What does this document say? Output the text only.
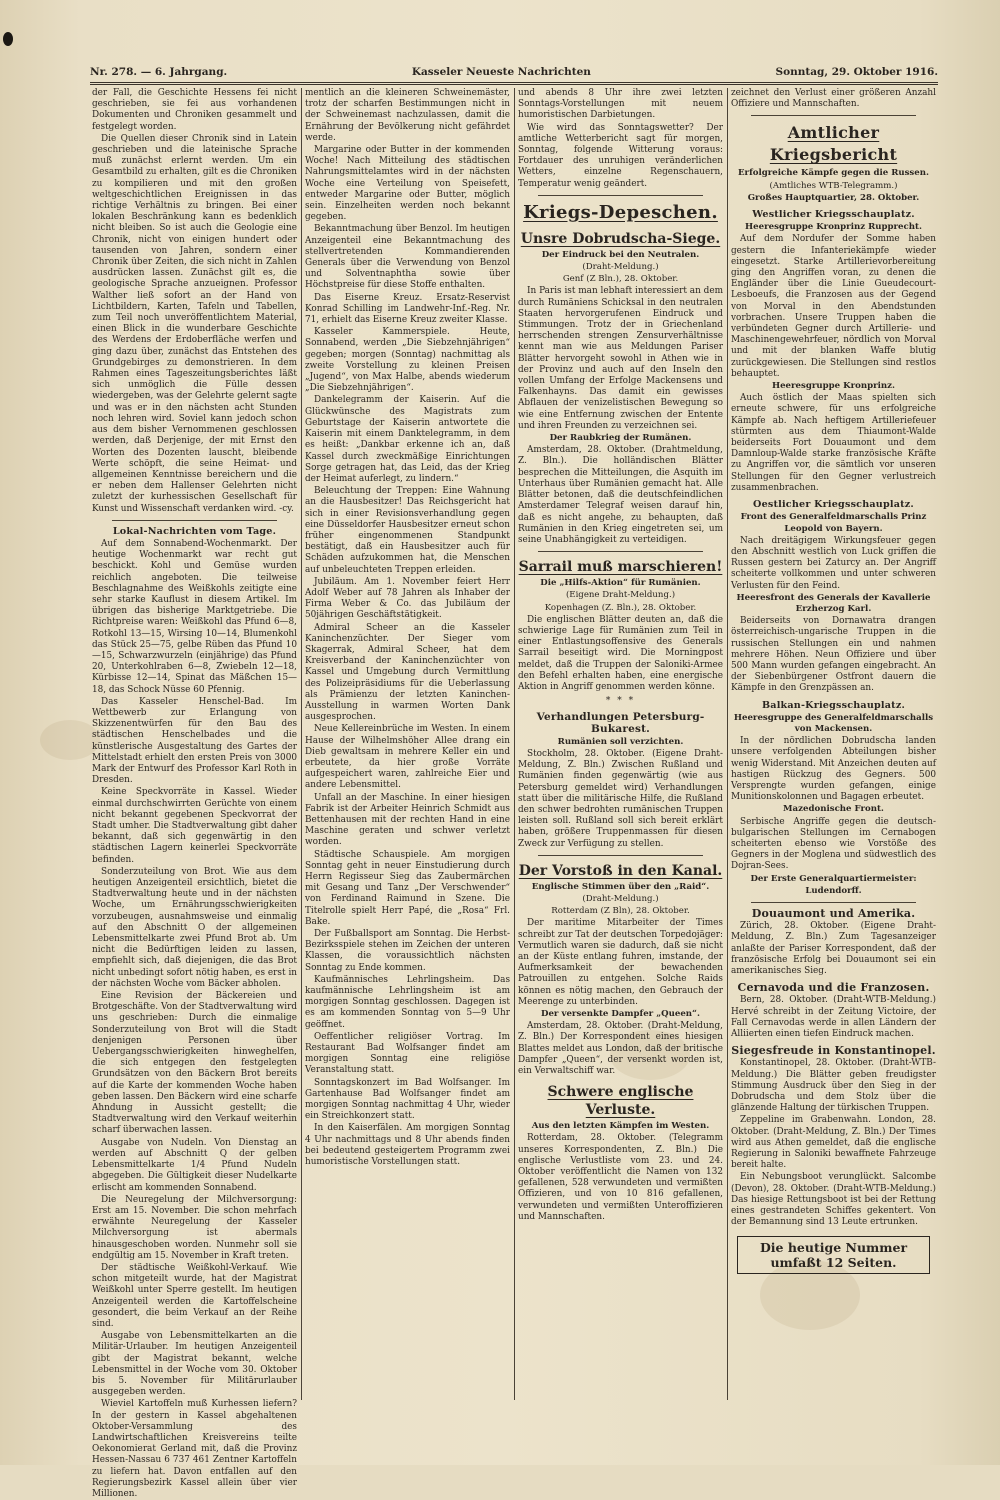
Nr. 278. — 6. Jahrgang.	Kasseler Neueste Nachrichten	Sonntag, 29. Oktober 1916.

der Fall, die Geschichte Hessens fei nicht geschrieben, sie fei aus vorhandenen Dokumenten und Chroniken gesammelt und festgelegt worden.

Die Quellen dieser Chronik sind in Latein geschrieben und die lateinische Sprache muß zunächst erlernt werden. Um ein Gesamtbild zu erhalten, gilt es die Chroniken zu kompilieren und mit den großen weltgeschichtlichen Ereignissen in das richtige Verhältnis zu bringen. Bei einer lokalen Beschränkung kann es bedenklich nicht bleiben. So ist auch die Geologie eine Chronik, nicht von einigen hundert oder tausenden von Jahren, sondern einer Chronik über Zeiten, die sich nicht in Zahlen ausdrücken lassen. Zunächst gilt es, die geologische Sprache anzueignen. Professor Walther ließ sofort an der Hand von Lichtbildern, Karten, Tafeln und Tabellen, zum Teil noch unveröffentlichtem Material, einen Blick in die wunderbare Geschichte des Werdens der Erdoberfläche werfen und ging dazu über, zunächst das Entstehen des Grundgebirges zu demonstrieren. In dem Rahmen eines Tageszeitungsberichtes läßt sich unmöglich die Fülle dessen wiedergeben, was der Gelehrte gelernt sagte und was er in den nächsten acht Stunden noch lehren wird. Soviel kann jedoch schon aus dem bisher Vernommenen geschlossen werden, daß Derjenige, der mit Ernst den Worten des Dozenten lauscht, bleibende Werte schöpft, die seine Heimat- und allgemeinen Kenntnisse bereichern und die er neben dem Hallenser Gelehrten nicht zuletzt der kurhessischen Gesellschaft für Kunst und Wissenschaft verdanken wird. -cy.

Lokal-Nachrichten vom Tage.

Auf dem Sonnabend-Wochenmarkt. Der heutige Wochenmarkt war recht gut beschickt. Kohl und Gemüse wurden reichlich angeboten. Die teilweise Beschlagnahme des Weißkohls zeitigte eine sehr starke Kauflust in diesem Artikel. Im übrigen das bisherige Marktgetriebe. Die Richtpreise waren: Weißkohl das Pfund 6—8, Rotkohl 13—15, Wirsing 10—14, Blumenkohl das Stück 25—75, gelbe Rüben das Pfund 10—15, Schwarzwurzeln (einjährige) das Pfund 20, Unterkohlraben 6—8, Zwiebeln 12—18, Kürbisse 12—14, Spinat das Mäßchen 15—18, das Schock Nüsse 60 Pfennig.

Das Kasseler Henschel-Bad. Im Wettbewerb zur Erlangung von Skizzenentwürfen für den Bau des städtischen Henschelbades und die künstlerische Ausgestaltung des Gartes der Mittelstadt erhielt den ersten Preis von 3000 Mark der Entwurf des Professor Karl Roth in Dresden.

Keine Speckvorräte in Kassel. Wieder einmal durchschwirrten Gerüchte von einem nicht bekannt gegebenen Speckvorrat der Stadt umher. Die Stadtverwaltung gibt daher bekannt, daß sich gegenwärtig in den städtischen Lagern keinerlei Speckvorräte befinden.

Sonderzuteilung von Brot. Wie aus dem heutigen Anzeigenteil ersichtlich, bietet die Stadtverwaltung heute und in der nächsten Woche, um Ernährungsschwierigkeiten vorzubeugen, ausnahmsweise und einmalig auf den Abschnitt O der allgemeinen Lebensmittelkarte zwei Pfund Brot ab. Um nicht die Bedürftigen leiden zu lassen, empfiehlt sich, daß diejenigen, die das Brot nicht unbedingt sofort nötig haben, es erst in der nächsten Woche vom Bäcker abholen.

Eine Revision der Bäckereien und Brotgeschäfte. Von der Stadtverwaltung wird uns geschrieben: Durch die einmalige Sonderzuteilung von Brot will die Stadt denjenigen Personen über Uebergangsschwierigkeiten hinweghelfen, die sich entgegen den festgelegten Grundsätzen von den Bäckern Brot bereits auf die Karte der kommenden Woche haben geben lassen. Den Bäckern wird eine scharfe Ahndung in Aussicht gestellt; die Stadtverwaltung wird den Verkauf weiterhin scharf überwachen lassen.

Ausgabe von Nudeln. Von Dienstag an werden auf Abschnitt Q der gelben Lebensmittelkarte 1/4 Pfund Nudeln abgegeben. Die Gültigkeit dieser Nudelkarte erlischt am kommenden Sonnabend.

Die Neuregelung der Milchversorgung: Erst am 15. November. Die schon mehrfach erwähnte Neuregelung der Kasseler Milchversorgung ist abermals hinausgeschoben worden. Nunmehr soll sie endgültig am 15. November in Kraft treten.

Der städtische Weißkohl-Verkauf. Wie schon mitgeteilt wurde, hat der Magistrat Weißkohl unter Sperre gestellt. Im heutigen Anzeigenteil werden die Kartoffelscheine gesondert, die beim Verkauf an der Reihe sind.

Ausgabe von Lebensmittelkarten an die Militär-Urlauber. Im heutigen Anzeigenteil gibt der Magistrat bekannt, welche Lebensmittel in der Woche vom 30. Oktober bis 5. November für Militärurlauber ausgegeben werden.

Wieviel Kartoffeln muß Kurhessen liefern? In der gestern in Kassel abgehaltenen Oktober-Versammlung des Landwirtschaftlichen Kreisvereins teilte Oekonomierat Gerland mit, daß die Provinz Hessen-Nassau 6 737 461 Zentner Kartoffeln zu liefern hat. Davon entfallen auf den Regierungsbezirk Kassel allein über vier Millionen.

mentlich an die kleineren Schweinemäster, trotz der scharfen Bestimmungen nicht in der Schweinemast nachzulassen, damit die Ernährung der Bevölkerung nicht gefährdet werde.

Margarine oder Butter in der kommenden Woche! Nach Mitteilung des städtischen Nahrungsmittelamtes wird in der nächsten Woche eine Verteilung von Speisefett, entweder Margarine oder Butter, möglich sein. Einzelheiten werden noch bekannt gegeben.

Bekanntmachung über Benzol. Im heutigen Anzeigenteil eine Bekanntmachung des stellvertretenden Kommandierenden Generals über die Verwendung von Benzol und Solventnaphtha sowie über Höchstpreise für diese Stoffe enthalten.

Das Eiserne Kreuz. Ersatz-Reservist Konrad Schilling im Landwehr-Inf.-Reg. Nr. 71, erhielt das Eiserne Kreuz zweiter Klasse.

Kasseler Kammerspiele. Heute, Sonnabend, werden „Die Siebzehnjährigen“ gegeben; morgen (Sonntag) nachmittag als zweite Vorstellung zu kleinen Preisen „Jugend“, von Max Halbe, abends wiederum „Die Siebzehnjährigen“.

Dankelegramm der Kaiserin. Auf die Glückwünsche des Magistrats zum Geburtstage der Kaiserin antwortete die Kaiserin mit einem Danktelegramm, in dem es heißt: „Dankbar erkenne ich an, daß Kassel durch zweckmäßige Einrichtungen Sorge getragen hat, das Leid, das der Krieg der Heimat auferlegt, zu lindern.“

Beleuchtung der Treppen: Eine Wahnung an die Hausbesitzer! Das Reichsgericht hat sich in einer Revisionsverhandlung gegen eine Düsseldorfer Hausbesitzer erneut schon früher eingenommenen Standpunkt bestätigt, daß ein Hausbesitzer auch für Schäden aufzukommen hat, die Menschen auf unbeleuchteten Treppen erleiden.

Jubiläum. Am 1. November feiert Herr Adolf Weber auf 78 Jahren als Inhaber der Firma Weber & Co. das Jubiläum der 50jährigen Geschäftstätigkeit.

Admiral Scheer an die Kasseler Kaninchenzüchter. Der Sieger vom Skagerrak, Admiral Scheer, hat dem Kreisverband der Kaninchenzüchter von Kassel und Umgebung durch Vermittlung des Polizeipräsidiums für die Ueberlassung als Prämienzu der letzten Kaninchen-Ausstellung in warmen Worten Dank ausgesprochen.

Neue Kellereinbrüche im Westen. In einem Hause der Wilhelmshöher Allee drang ein Dieb gewaltsam in mehrere Keller ein und erbeutete, da hier große Vorräte aufgespeichert waren, zahlreiche Eier und andere Lebensmittel.

Unfall an der Maschine. In einer hiesigen Fabrik ist der Arbeiter Heinrich Schmidt aus Bettenhausen mit der rechten Hand in eine Maschine geraten und schwer verletzt worden.

Städtische Schauspiele. Am morgigen Sonntag geht in neuer Einstudierung durch Herrn Regisseur Sieg das Zaubermärchen mit Gesang und Tanz „Der Verschwender“ von Ferdinand Raimund in Szene. Die Titelrolle spielt Herr Papé, die „Rosa“ Frl. Bake.

Der Fußballsport am Sonntag. Die Herbst-Bezirksspiele stehen im Zeichen der unteren Klassen, die voraussichtlich nächsten Sonntag zu Ende kommen.

Kaufmännisches Lehrlingsheim. Das kaufmännische Lehrlingsheim ist am morgigen Sonntag geschlossen. Dagegen ist es am kommenden Sonntag von 5—9 Uhr geöffnet.

Oeffentlicher religiöser Vortrag. Im Restaurant Bad Wolfsanger findet am morgigen Sonntag eine religiöse Veranstaltung statt.

Sonntagskonzert im Bad Wolfsanger. Im Gartenhause Bad Wolfsanger findet am morgigen Sonntag nachmittag 4 Uhr, wieder ein Streichkonzert statt.

In den Kaiserfälen. Am morgigen Sonntag 4 Uhr nachmittags und 8 Uhr abends finden bei bedeutend gesteigertem Programm zwei humoristische Vorstellungen statt.

und abends 8 Uhr ihre zwei letzten Sonntags-Vorstellungen mit neuem humoristischen Darbietungen.

Wie wird das Sonntagswetter? Der amtliche Wetterbericht sagt für morgen, Sonntag, folgende Witterung voraus: Fortdauer des unruhigen veränderlichen Wetters, einzelne Regenschauern, Temperatur wenig geändert.

Kriegs-Depeschen.
Unsre Dobrudscha-Siege.
Der Eindruck bei den Neutralen.
(Draht-Meldung.)
Genf (Z Bln.), 28. Oktober.

In Paris ist man lebhaft interessiert an dem durch Rumäniens Schicksal in den neutralen Staaten hervorgerufenen Eindruck und Stimmungen. Trotz der in Griechenland herrschenden strengen Zensurverhältnisse kennt man wie aus Meldungen Pariser Blätter hervorgeht sowohl in Athen wie in der Provinz und auch auf den Inseln den vollen Umfang der Erfolge Mackensens und Falkenhayns. Das damit ein gewisses Abflauen der venizelistischen Bewegung so wie eine Entfernung zwischen der Entente und ihren Freunden zu verzeichnen sei.

Der Raubkrieg der Rumänen.

Amsterdam, 28. Oktober. (Drahtmeldung, Z. Bln.). Die holländischen Blätter besprechen die Mitteilungen, die Asquith im Unterhaus über Rumänien gemacht hat. Alle Blätter betonen, daß die deutschfeindlichen Amsterdamer Telegraf weisen darauf hin, daß es nicht angehe, zu behaupten, daß Rumänien in den Krieg eingetreten sei, um seine Unabhängigkeit zu verteidigen.

Sarrail muß marschieren!
Die „Hilfs-Aktion“ für Rumänien.
(Eigene Draht-Meldung.)
Kopenhagen (Z. Bln.), 28. Oktober.

Die englischen Blätter deuten an, daß die schwierige Lage für Rumänien zum Teil in einer Entlastungsoffensive des Generals Sarrail beseitigt wird. Die Morningpost meldet, daß die Truppen der Saloniki-Armee den Befehl erhalten haben, eine energische Aktion in Angriff genommen werden könne.

* * *
Verhandlungen Petersburg-Bukarest.
Rumänien soll verzichten.

Stockholm, 28. Oktober. (Eigene Draht-Meldung, Z. Bln.) Zwischen Rußland und Rumänien finden gegenwärtig (wie aus Petersburg gemeldet wird) Verhandlungen statt über die militärische Hilfe, die Rußland den schwer bedrohten rumänischen Truppen leisten soll. Rußland soll sich bereit erklärt haben, größere Truppenmassen für diesen Zweck zur Verfügung zu stellen.

Der Vorstoß in den Kanal.
Englische Stimmen über den „Raid“.
(Draht-Meldung.)
Rotterdam (Z Bln), 28. Oktober.

Der maritime Mitarbeiter der Times schreibt zur Tat der deutschen Torpedojäger: Vermutlich waren sie dadurch, daß sie nicht an der Küste entlang fuhren, imstande, der Aufmerksamkeit der bewachenden Patrouillen zu entgehen. Solche Raids können es nötig machen, den Gebrauch der Meerenge zu unterbinden.

Der versenkte Dampfer „Queen“.

Amsterdam, 28. Oktober. (Draht-Meldung, Z. Bln.) Der Korrespondent eines hiesigen Blattes meldet aus London, daß der britische Dampfer „Queen“, der versenkt worden ist, ein Verwaltschiff war.

Schwere englische Verluste.
Aus den letzten Kämpfen im Westen.

Rotterdam, 28. Oktober. (Telegramm unseres Korrespondenten, Z. Bln.) Die englische Verlustliste vom 23. und 24. Oktober veröffentlicht die Namen von 132 gefallenen, 528 verwundeten und vermißten Offizieren, und von 10 816 gefallenen, verwundeten und vermißten Unteroffizieren und Mannschaften.

zeichnet den Verlust einer größeren Anzahl Offiziere und Mannschaften.

Amtlicher Kriegsbericht
Erfolgreiche Kämpfe gegen die Russen.
(Amtliches WTB-Telegramm.)
Großes Hauptquartier, 28. Oktober.
Westlicher Kriegsschauplatz.
Heeresgruppe Kronprinz Rupprecht.

Auf dem Nordufer der Somme haben gestern die Infanteriekämpfe wieder eingesetzt. Starke Artillerievorbereitung ging den Angriffen voran, zu denen die Engländer über die Linie Gueudecourt-Lesboeufs, die Franzosen aus der Gegend von Morval in den Abendstunden vorbrachen. Unsere Truppen haben die verbündeten Gegner durch Artillerie- und Maschinengewehrfeuer, nördlich von Morval und mit der blanken Waffe blutig zurückgewiesen. Die Stellungen sind restlos behauptet.

Heeresgruppe Kronprinz.

Auch östlich der Maas spielten sich erneute schwere, für uns erfolgreiche Kämpfe ab. Nach heftigem Artilleriefeuer stürmten aus dem Thiaumont-Walde beiderseits Fort Douaumont und dem Damnloup-Walde starke französische Kräfte zu Angriffen vor, die sämtlich vor unseren Stellungen für den Gegner verlustreich zusammenbrachen.

Oestlicher Kriegsschauplatz.
Front des Generalfeldmarschalls Prinz Leopold von Bayern.

Nach dreitägigem Wirkungsfeuer gegen den Abschnitt westlich von Luck griffen die Russen gestern bei Zaturcy an. Der Angriff scheiterte vollkommen und unter schweren Verlusten für den Feind.

Heeresfront des Generals der Kavallerie Erzherzog Karl.

Beiderseits von Dornawatra drangen österreichisch-ungarische Truppen in die russischen Stellungen ein und nahmen mehrere Höhen. Neun Offiziere und über 500 Mann wurden gefangen eingebracht. An der Siebenbürgener Ostfront dauern die Kämpfe in den Grenzpässen an.

Balkan-Kriegsschauplatz.
Heeresgruppe des Generalfeldmarschalls von Mackensen.

In der nördlichen Dobrudscha landen unsere verfolgenden Abteilungen bisher wenig Widerstand. Mit Anzeichen deuten auf hastigen Rückzug des Gegners. 500 Versprengte wurden gefangen, einige Munitionskolonnen und Bagagen erbeutet.

Mazedonische Front.

Serbische Angriffe gegen die deutsch-bulgarischen Stellungen im Cernabogen scheiterten ebenso wie Vorstöße des Gegners in der Moglena und südwestlich des Dojran-Sees.

Der Erste Generalquartiermeister:
Ludendorff.
Douaumont und Amerika.

Zürich, 28. Oktober. (Eigene Draht-Meldung, Z. Bln.) Zum Tagesanzeiger anlaßte der Pariser Korrespondent, daß der französische Erfolg bei Douaumont sei ein amerikanisches Sieg.

Cernavoda und die Franzosen.

Bern, 28. Oktober. (Draht-WTB-Meldung.) Hervé schreibt in der Zeitung Victoire, der Fall Cernavodas werde in allen Ländern der Alliierten einen tiefen Eindruck machen.

Siegesfreude in Konstantinopel.

Konstantinopel, 28. Oktober. (Draht-WTB-Meldung.) Die Blätter geben freudigster Stimmung Ausdruck über den Sieg in der Dobrudscha und dem Stolz über die glänzende Haltung der türkischen Truppen.

Zeppeline im Grabenwahn. London, 28. Oktober. (Draht-Meldung, Z. Bln.) Der Times wird aus Athen gemeldet, daß die englische Regierung in Saloniki bewaffnete Fahrzeuge bereit halte.

Ein Nebungsboot verunglückt. Salcombe (Devon), 28. Oktober. (Draht-WTB-Meldung.) Das hiesige Rettungsboot ist bei der Rettung eines gestrandeten Schiffes gekentert. Von der Bemannung sind 13 Leute ertrunken.

Die heutige Nummer umfaßt 12 Seiten.
